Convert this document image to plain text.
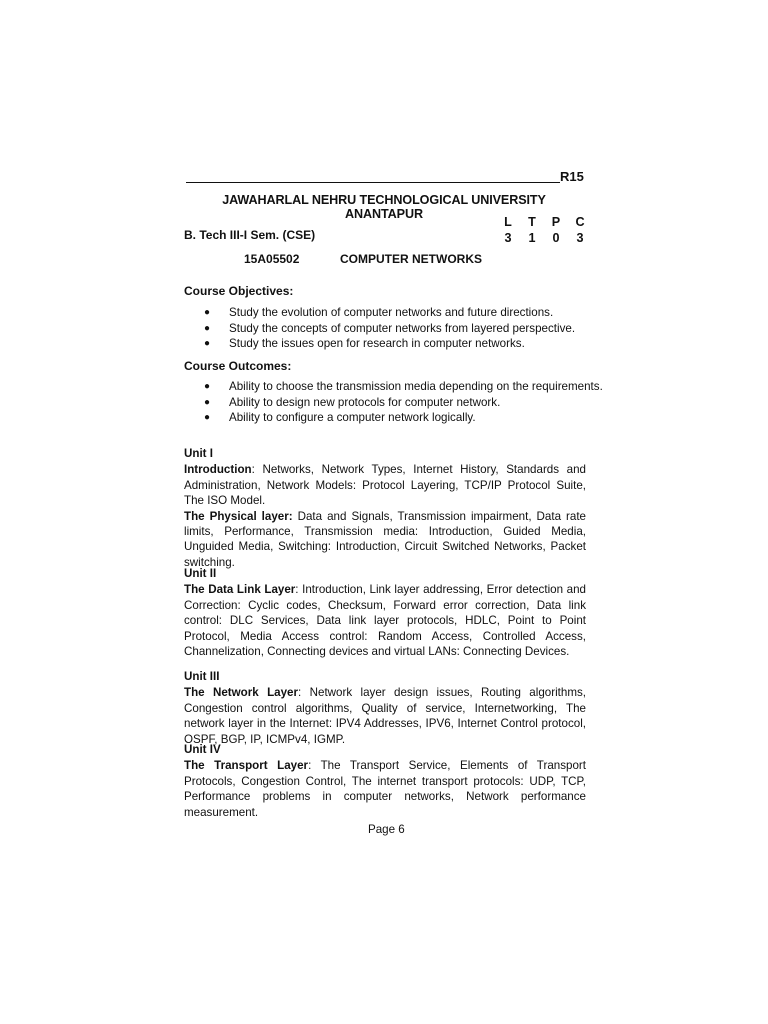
R15
JAWAHARLAL NEHRU TECHNOLOGICAL UNIVERSITY ANANTAPUR
L	T	P	C
3	1	0	3
B. Tech III-I Sem. (CSE)
15A05502	COMPUTER NETWORKS
Course Objectives:
●	Study the evolution of computer networks and future directions.
●	Study the concepts of computer networks from layered perspective.
●	Study the issues open for research in computer networks.
Course Outcomes:
●	Ability to choose the transmission media depending on the requirements.
●	Ability to design new protocols for computer network.
●	Ability to configure a computer network logically.
Unit I

Introduction: Networks, Network Types, Internet History, Standards and Administration, Network Models: Protocol Layering, TCP/IP Protocol Suite, The ISO Model.

The Physical layer: Data and Signals, Transmission impairment, Data rate limits, Performance, Transmission media: Introduction, Guided Media, Unguided Media, Switching: Introduction, Circuit Switched Networks, Packet switching.

Unit II

The Data Link Layer: Introduction, Link layer addressing, Error detection and Correction: Cyclic codes, Checksum, Forward error correction, Data link control: DLC Services, Data link layer protocols, HDLC, Point to Point Protocol, Media Access control: Random Access, Controlled Access, Channelization, Connecting devices and virtual LANs: Connecting Devices.

Unit III

The Network Layer: Network layer design issues, Routing algorithms, Congestion control algorithms, Quality of service, Internetworking, The network layer in the Internet: IPV4 Addresses, IPV6, Internet Control protocol, OSPF, BGP, IP, ICMPv4, IGMP.

Unit IV

The Transport Layer: The Transport Service, Elements of Transport Protocols, Congestion Control, The internet transport protocols: UDP, TCP, Performance problems in computer networks, Network performance measurement.

Page 6
